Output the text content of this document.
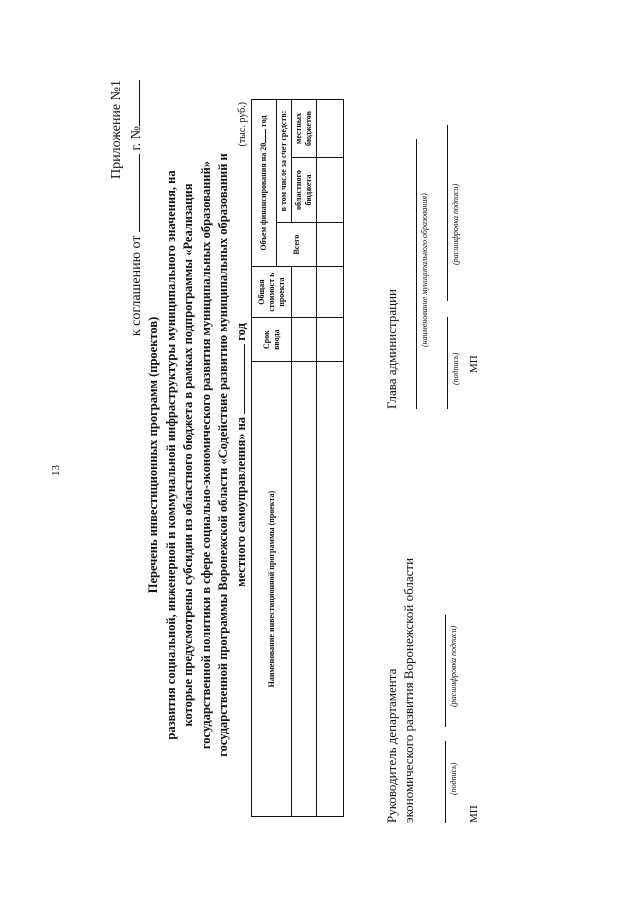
13
Приложение №1
к соглашению от  г. №
Перечень инвестиционных программ (проектов) развития социальной, инженерной и коммунальной инфраструктуры муниципального значения, на которые предусмотрены субсидии из областного бюджета в рамках подпрограммы «Реализация государственной политики в сфере социально-экономического развития муниципальных образований» государственной программы Воронежской области «Содействие развитию муниципальных образований и местного самоуправления» на  год
(тыс. руб.)
Наименование инвестиционной программы (проекта)	Срок ввода	Общая стоимост ь проекта	Объем финансирования на 20 год		
			Всего	в том числе за счет средств:	
				областного бюджета	местных бюджетов

Руководитель департамента экономического развития Воронежской области	(подпись)
(расшифровка подписи)
МП
Глава администрации
(наименование муниципального образования)
(подпись)
(расшифровка подписи)
МП
